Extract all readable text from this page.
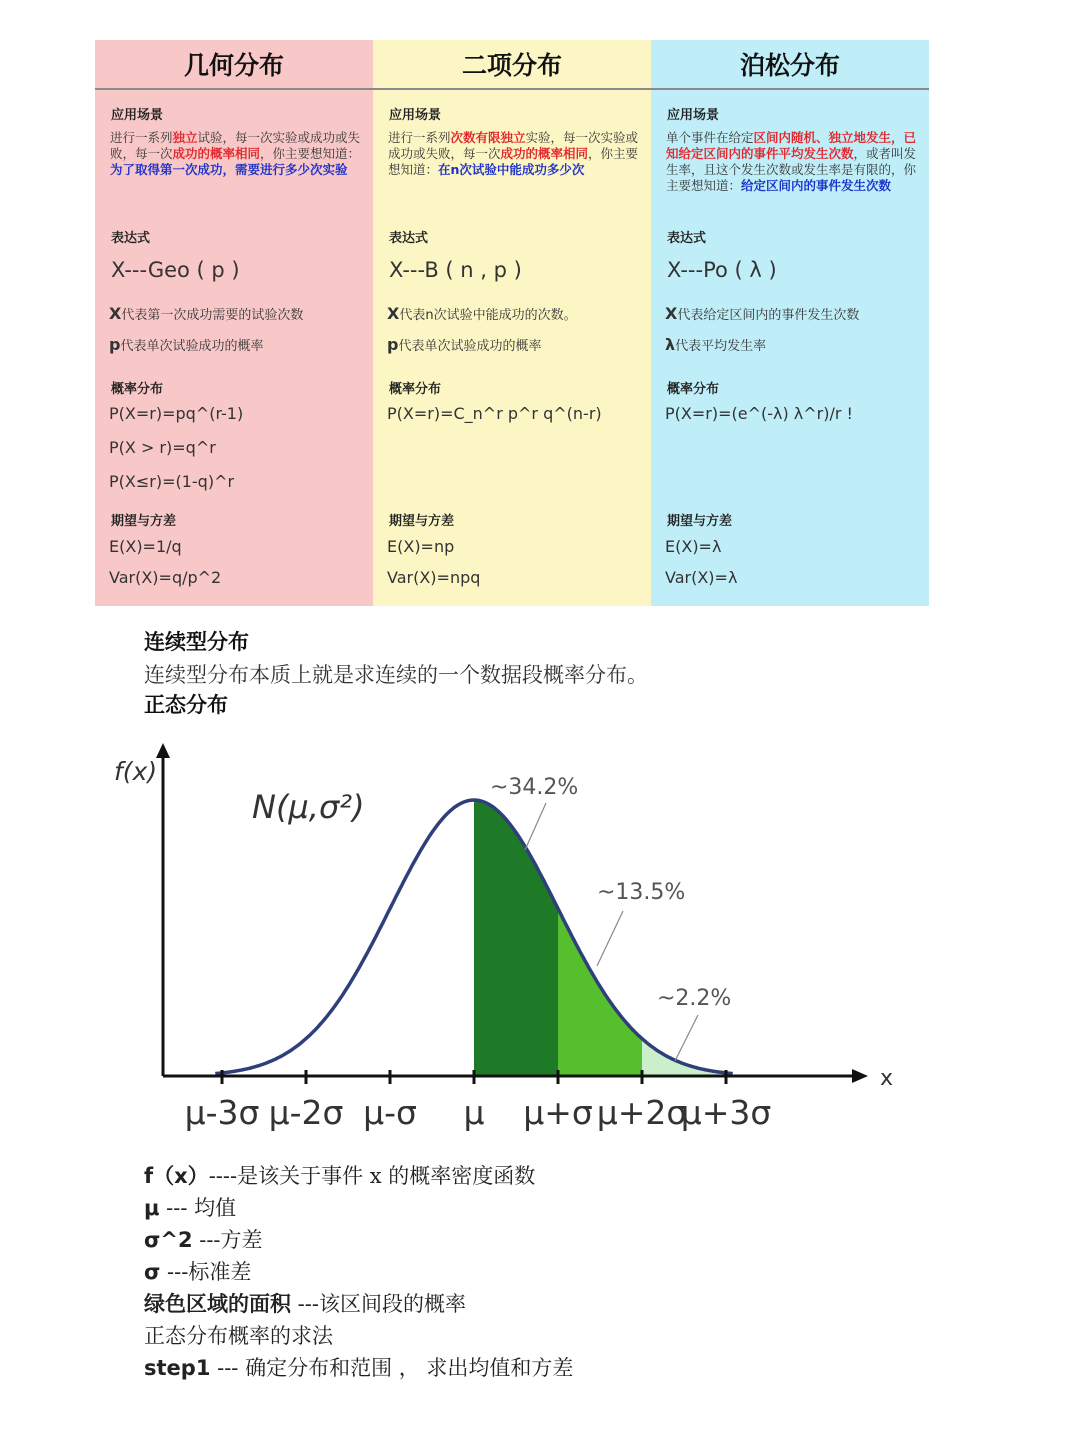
几何分布
应用场景
进行一系列独立试验，每一次实验或成功或失败，每一次成功的概率相同，你主要想知道：为了取得第一次成功，需要进行多少次实验
表达式
X---Geo ( p )
X代表第一次成功需要的试验次数
p代表单次试验成功的概率
概率分布
P(X=r)=pq^(r-1)
P(X > r)=q^r
P(X≤r)=(1-q)^r
期望与方差
E(X)=1/q
Var(X)=q/p^2
二项分布
应用场景
进行一系列次数有限独立实验，每一次实验或成功或失败，每一次成功的概率相同，你主要想知道：在n次试验中能成功多少次
表达式
X---B ( n , p )
X代表n次试验中能成功的次数。
p代表单次试验成功的概率
概率分布
P(X=r)=C_n^r p^r q^(n-r)
期望与方差
E(X)=np
Var(X)=npq
泊松分布
应用场景
单个事件在给定区间内随机、独立地发生，已知给定区间内的事件平均发生次数，或者叫发生率，且这个发生次数或发生率是有限的，你主要想知道：给定区间内的事件发生次数
表达式
X---Po ( λ )
X代表给定区间内的事件发生次数
λ代表平均发生率
概率分布
P(X=r)=(e^(-λ) λ^r)/r !
期望与方差
E(X)=λ
Var(X)=λ
连续型分布
连续型分布本质上就是求连续的一个数据段概率分布。
正态分布
f(x)
x
N(μ,σ²)
μ-3σ μ-2σ μ-σ μ μ+σ μ+2σ
μ+3σ
~34.2%
~13.5%
~2.2%
f（x）----是该关于事件 x 的概率密度函数
μ --- 均值
σ^2 ---方差
σ ---标准差
绿色区域的面积 ---该区间段的概率
正态分布概率的求法
step1 --- 确定分布和范围 ， 求出均值和方差
